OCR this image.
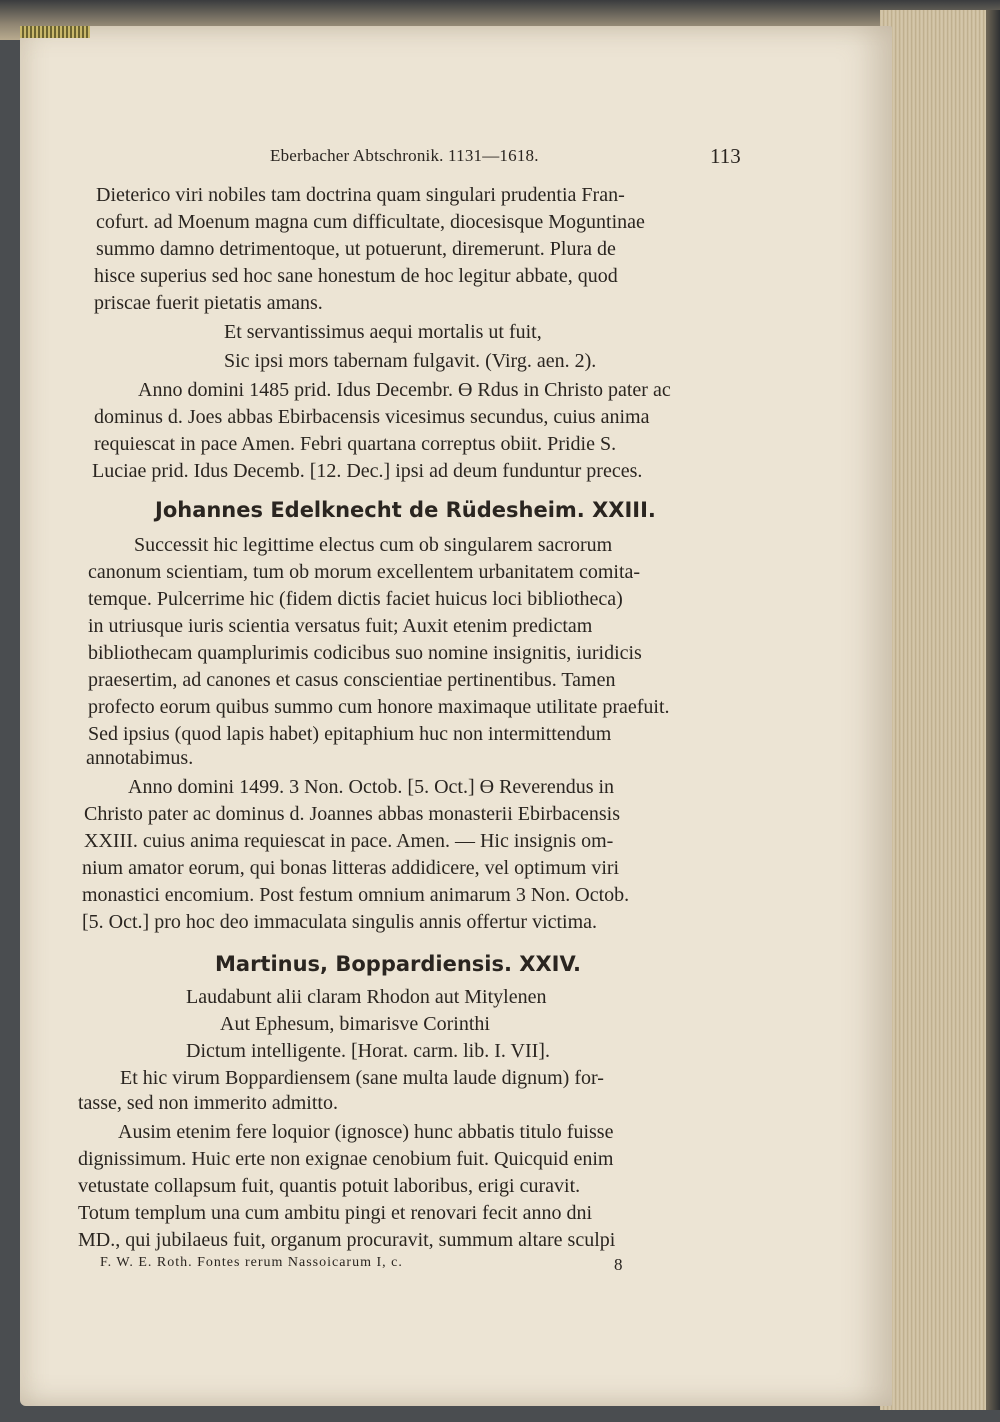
Eberbacher Abtschronik. 1131—1618.	113
Dieterico viri nobiles tam doctrina quam singulari prudentia Fran-
cofurt. ad Moenum magna cum difficultate, diocesisque Moguntinae
summo damno detrimentoque, ut potuerunt, diremerunt. Plura de
hisce superius sed hoc sane honestum de hoc legitur abbate, quod
priscae fuerit pietatis amans.
Et servantissimus aequi mortalis ut fuit,
Sic ipsi mors tabernam fulgavit. (Virg. aen. 2).
Anno domini 1485 prid. Idus Decembr. ϴ Rdus in Christo pater ac
dominus d. Joes abbas Ebirbacensis vicesimus secundus, cuius anima
requiescat in pace Amen. Febri quartana correptus obiit. Pridie S.
Luciae prid. Idus Decemb. [12. Dec.] ipsi ad deum funduntur preces.
Johannes Edelknecht de Rüdesheim. XXIII.
Successit hic legittime electus cum ob singularem sacrorum
canonum scientiam, tum ob morum excellentem urbanitatem comita-
temque. Pulcerrime hic (fidem dictis faciet huicus loci bibliotheca)
in utriusque iuris scientia versatus fuit; Auxit etenim predictam
bibliothecam quamplurimis codicibus suo nomine insignitis, iuridicis
praesertim, ad canones et casus conscientiae pertinentibus. Tamen
profecto eorum quibus summo cum honore maximaque utilitate praefuit.
Sed ipsius (quod lapis habet) epitaphium huc non intermittendum
annotabimus.
Anno domini 1499. 3 Non. Octob. [5. Oct.] ϴ Reverendus in
Christo pater ac dominus d. Joannes abbas monasterii Ebirbacensis
XXIII. cuius anima requiescat in pace. Amen. — Hic insignis om-
nium amator eorum, qui bonas litteras addidicere, vel optimum viri
monastici encomium. Post festum omnium animarum 3 Non. Octob.
[5. Oct.] pro hoc deo immaculata singulis annis offertur victima.
Martinus, Boppardiensis. XXIV.
Laudabunt alii claram Rhodon aut Mitylenen
Aut Ephesum, bimarisve Corinthi
Dictum intelligente. [Horat. carm. lib. I. VII].
Et hic virum Boppardiensem (sane multa laude dignum) for-
tasse, sed non immerito admitto.
Ausim etenim fere loquior (ignosce) hunc abbatis titulo fuisse
dignissimum. Huic erte non exignae cenobium fuit. Quicquid enim
vetustate collapsum fuit, quantis potuit laboribus, erigi curavit.
Totum templum una cum ambitu pingi et renovari fecit anno dni
MD., qui jubilaeus fuit, organum procuravit, summum altare sculpi
F. W. E. Roth. Fontes rerum Nassoicarum I, c.	8
